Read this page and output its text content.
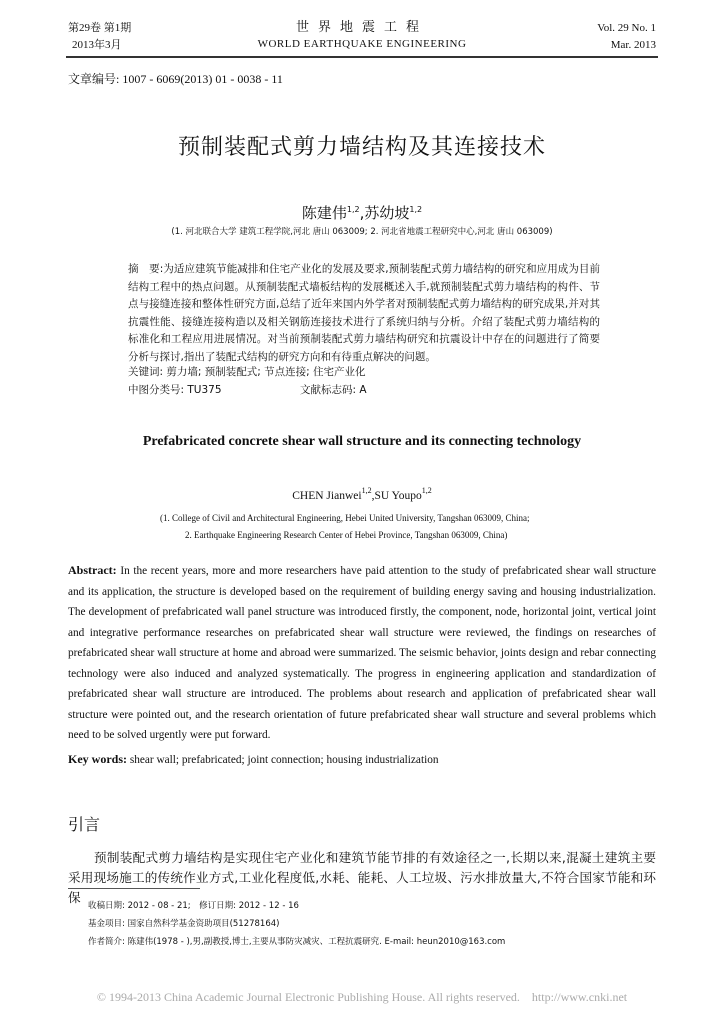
第29卷 第1期
2013年3月
世界地震工程
WORLD EARTHQUAKE ENGINEERING
Vol. 29 No. 1
Mar. 2013
文章编号: 1007 - 6069(2013) 01 - 0038 - 11
预制装配式剪力墙结构及其连接技术
陈建伟$^{1,2}$,苏幼坡$^{1,2}$
(1. 河北联合大学 建筑工程学院,河北 唐山 063009; 2. 河北省地震工程研究中心,河北 唐山 063009)
摘　要:为适应建筑节能减排和住宅产业化的发展及要求,预制装配式剪力墙结构的研究和应用成为目前结构工程中的热点问题。从预制装配式墙板结构的发展概述入手,就预制装配式剪力墙结构的构件、节点与接缝连接和整体性研究方面,总结了近年来国内外学者对预制装配式剪力墙结构的研究成果,并对其抗震性能、接缝连接构造以及相关钢筋连接技术进行了系统归纳与分析。介绍了装配式剪力墙结构的标准化和工程应用进展情况。对当前预制装配式剪力墙结构研究和抗震设计中存在的问题进行了简要分析与探讨,指出了装配式结构的研究方向和有待重点解决的问题。
关键词: 剪力墙; 预制装配式; 节点连接; 住宅产业化
中图分类号: TU375	文献标志码: A
Prefabricated concrete shear wall structure and its connecting technology
CHEN Jianwei$^{1,2}$,SU Youpo$^{1,2}$
(1. College of Civil and Architectural Engineering, Hebei United University, Tangshan 063009, China;
2. Earthquake Engineering Research Center of Hebei Province, Tangshan 063009, China)
Abstract: In the recent years, more and more researchers have paid attention to the study of prefabricated shear wall structure and its application, the structure is developed based on the requirement of building energy saving and housing industrialization. The development of prefabricated wall panel structure was introduced firstly, the component, node, horizontal joint, vertical joint and integrative performance researches on prefabricated shear wall structure were reviewed, the findings on researches of prefabricated shear wall structure at home and abroad were summarized. The seismic behavior, joints design and rebar connecting technology were also induced and analyzed systematically. The progress in engineering application and standardization of prefabricated shear wall structure are introduced. The problems about research and application of prefabricated shear wall structure were pointed out, and the research orientation of future prefabricated shear wall structure and several problems which need to be solved urgently were put forward.
Key words: shear wall; prefabricated; joint connection; housing industrialization
引言
预制装配式剪力墙结构是实现住宅产业化和建筑节能节排的有效途径之一,长期以来,混凝土建筑主要采用现场施工的传统作业方式,工业化程度低,水耗、能耗、人工垃圾、污水排放量大,不符合国家节能和环保
收稿日期: 2012 - 08 - 21;　修订日期: 2012 - 12 - 16
基金项目: 国家自然科学基金资助项目(51278164)
作者简介: 陈建伟(1978 - ),男,副教授,博士,主要从事防灾减灾、工程抗震研究. E-mail: heun2010@163.com
© 1994-2013 China Academic Journal Electronic Publishing House. All rights reserved.　http://www.cnki.net
